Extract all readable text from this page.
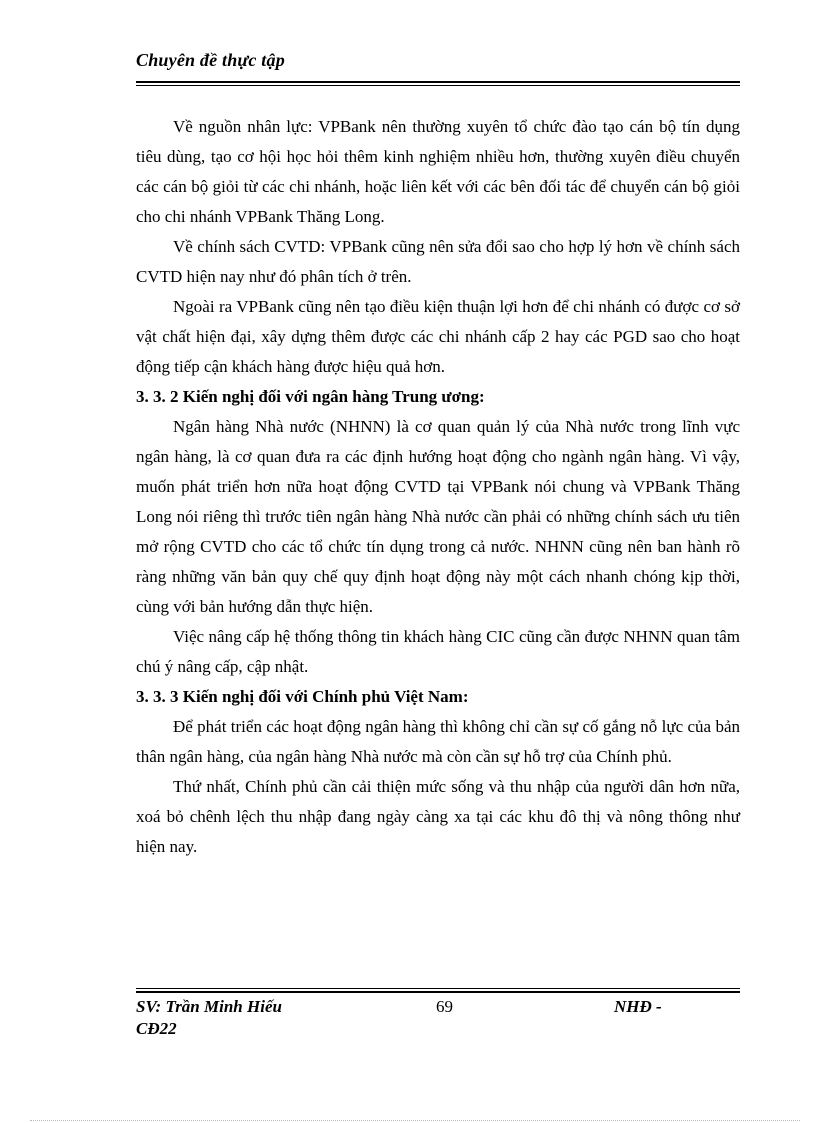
Chuyên đề thực tập

Về nguồn nhân lực: VPBank nên thường xuyên tổ chức đào tạo cán bộ tín dụng tiêu dùng, tạo cơ hội học hỏi thêm kinh nghiệm nhiều hơn, thường xuyên điều chuyển các cán bộ giỏi từ các chi nhánh, hoặc liên kết với các bên đối tác để chuyển cán bộ giỏi cho chi nhánh VPBank Thăng Long.

Về chính sách CVTD: VPBank cũng nên sửa đổi sao cho hợp lý hơn về chính sách CVTD hiện nay như đó phân tích ở trên.

Ngoài ra VPBank cũng nên tạo điều kiện thuận lợi hơn để chi nhánh có được cơ sở vật chất hiện đại, xây dựng thêm được các chi nhánh cấp 2 hay các PGD sao cho hoạt động tiếp cận khách hàng được hiệu quả hơn.

3. 3. 2 Kiến nghị đối với ngân hàng Trung ương:

Ngân hàng Nhà nước (NHNN) là cơ quan quản lý của Nhà nước trong lĩnh vực ngân hàng, là cơ quan đưa ra các định hướng hoạt động cho ngành ngân hàng. Vì vậy, muốn phát triển hơn nữa hoạt động CVTD tại VPBank nói chung và VPBank Thăng Long nói riêng thì trước tiên ngân hàng Nhà nước cần phải có những chính sách ưu tiên mở rộng CVTD cho các tổ chức tín dụng trong cả nước. NHNN cũng nên ban hành rõ ràng những văn bản quy chế quy định hoạt động này một cách nhanh chóng kịp thời, cùng với bản hướng dẫn thực hiện.

Việc nâng cấp hệ thống thông tin khách hàng CIC cũng cần được NHNN quan tâm chú ý nâng cấp, cập nhật.

3. 3. 3 Kiến nghị đối với Chính phủ Việt Nam:

Để phát triển các hoạt động ngân hàng thì không chỉ cần sự cố gắng nỗ lực của bản thân ngân hàng, của ngân hàng Nhà nước mà còn cần sự hỗ trợ của Chính phủ.

Thứ nhất, Chính phủ cần cải thiện mức sống và thu nhập của người dân hơn nữa, xoá bỏ chênh lệch thu nhập đang ngày càng xa tại các khu đô thị và nông thông như hiện nay.

SV: Trần Minh Hiếu
CĐ22
69	NHĐ -
